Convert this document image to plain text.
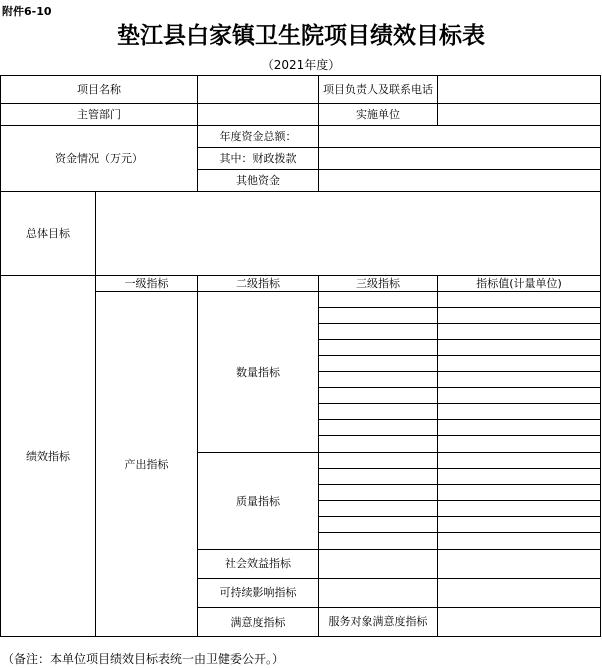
附件6-10
垫江县白家镇卫生院项目绩效目标表
（2021年度）
项目名称			项目负责人及联系电话		
主管部门			实施单位		
资金情况（万元）		年度资金总额：			
		其中：财政拨款			
		其他资金			
总体目标					
绩效指标	一级指标	二级指标	三级指标	指标值(计量单位)	
	产出指标	数量指标			

		质量指标			

		社会效益指标			
		可持续影响指标			
		满意度指标	服务对象满意度指标		
（备注：本单位项目绩效目标表统一由卫健委公开。）
